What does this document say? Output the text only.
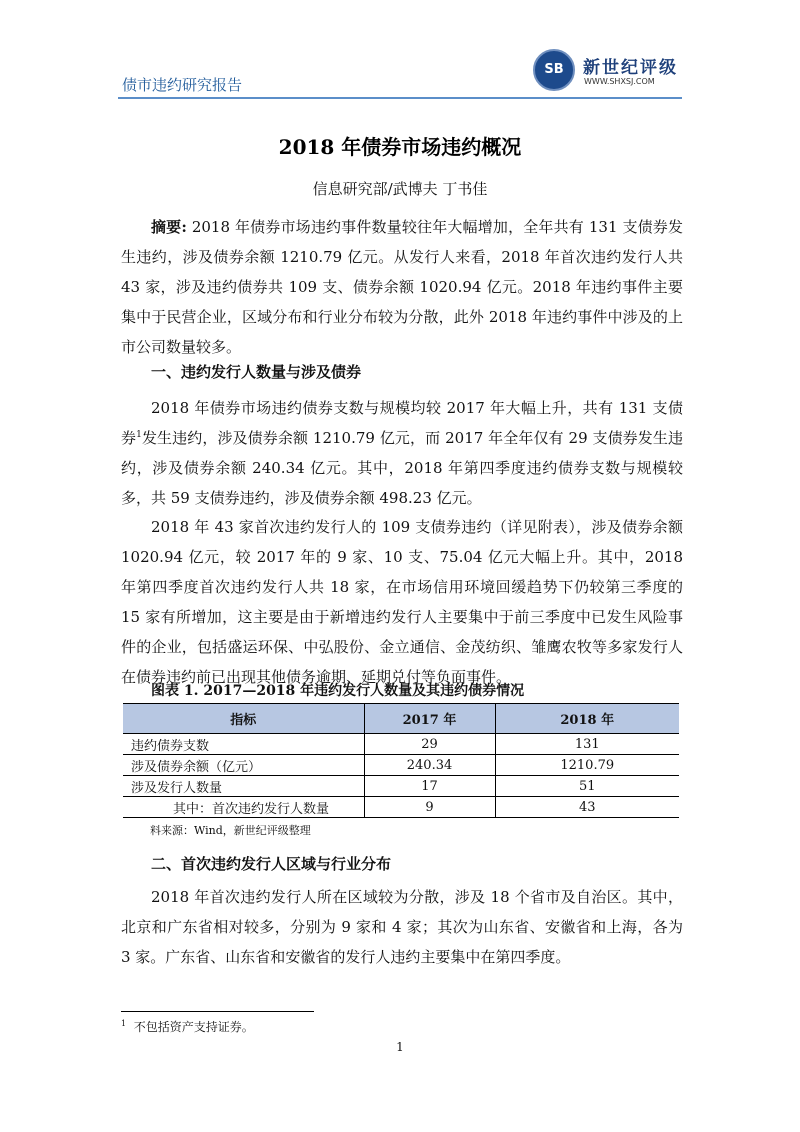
债市违约研究报告
SB	新世纪评级
WWW.SHXSJ.COM
2018 年债券市场违约概况
信息研究部/武博夫 丁书佳

摘要: 2018 年债券市场违约事件数量较往年大幅增加，全年共有 131 支债券发生违约，涉及债券余额 1210.79 亿元。从发行人来看，2018 年首次违约发行人共 43 家，涉及违约债券共 109 支、债券余额 1020.94 亿元。2018 年违约事件主要集中于民营企业，区域分布和行业分布较为分散，此外 2018 年违约事件中涉及的上市公司数量较多。

一、违约发行人数量与涉及债券

2018 年债券市场违约债券支数与规模均较 2017 年大幅上升，共有 131 支债券$^1$发生违约，涉及债券余额 1210.79 亿元，而 2017 年全年仅有 29 支债券发生违约，涉及债券余额 240.34 亿元。其中，2018 年第四季度违约债券支数与规模较多，共 59 支债券违约，涉及债券余额 498.23 亿元。

2018 年 43 家首次违约发行人的 109 支债券违约（详见附表），涉及债券余额 1020.94 亿元，较 2017 年的 9 家、10 支、75.04 亿元大幅上升。其中，2018 年第四季度首次违约发行人共 18 家，在市场信用环境回缓趋势下仍较第三季度的 15 家有所增加，这主要是由于新增违约发行人主要集中于前三季度中已发生风险事件的企业，包括盛运环保、中弘股份、金立通信、金茂纺织、雏鹰农牧等多家发行人在债券违约前已出现其他债务逾期、延期兑付等负面事件。

图表 1. 2017—2018 年违约发行人数量及其违约债券情况
指标	2017 年	2018 年
违约债券支数	29	131
涉及债券余额（亿元）	240.34	1210.79
涉及发行人数量	17	51
其中：首次违约发行人数量	9	43
料来源：Wind，新世纪评级整理
二、首次违约发行人区域与行业分布

2018 年首次违约发行人所在区域较为分散，涉及 18 个省市及自治区。其中，北京和广东省相对较多，分别为 9 家和 4 家；其次为山东省、安徽省和上海，各为 3 家。广东省、山东省和安徽省的发行人违约主要集中在第四季度。

$^1$ 不包括资产支持证券。
1
